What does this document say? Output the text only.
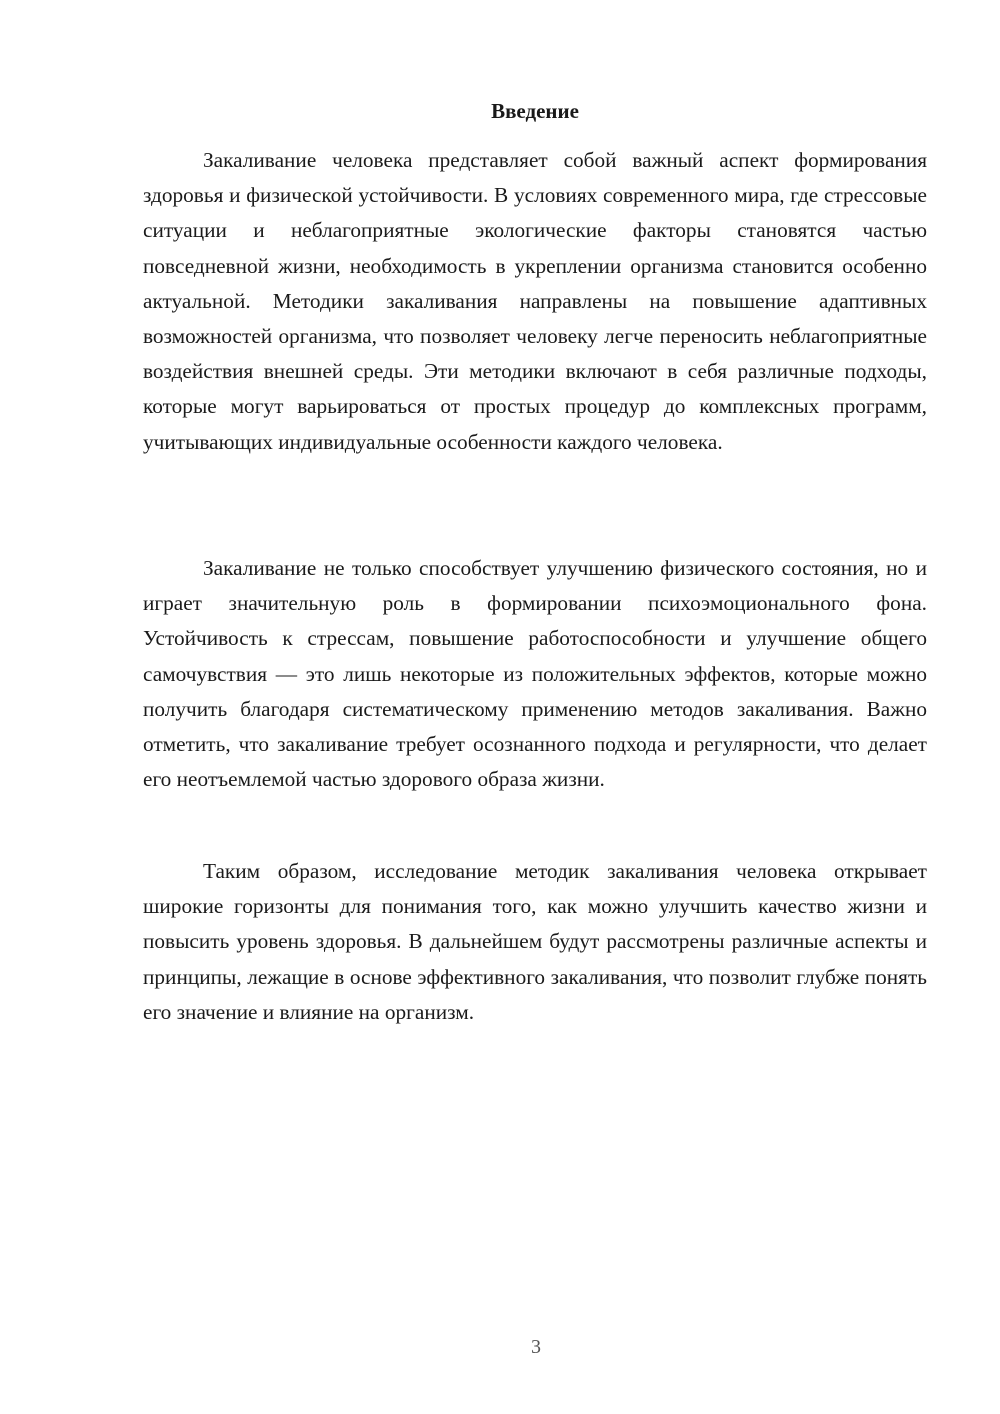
Введение

Закаливание человека представляет собой важный аспект формирования здоровья и физической устойчивости. В условиях современного мира, где стрессовые ситуации и неблагоприятные экологические факторы становятся частью повседневной жизни, необходимость в укреплении организма становится особенно актуальной. Методики закаливания направлены на повышение адаптивных возможностей организма, что позволяет человеку легче переносить неблагоприятные воздействия внешней среды. Эти методики включают в себя различные подходы, которые могут варьироваться от простых процедур до комплексных программ, учитывающих индивидуальные особенности каждого человека.

Закаливание не только способствует улучшению физического состояния, но и играет значительную роль в формировании психоэмоционального фона. Устойчивость к стрессам, повышение работоспособности и улучшение общего самочувствия — это лишь некоторые из положительных эффектов, которые можно получить благодаря систематическому применению методов закаливания. Важно отметить, что закаливание требует осознанного подхода и регулярности, что делает его неотъемлемой частью здорового образа жизни.

Таким образом, исследование методик закаливания человека открывает широкие горизонты для понимания того, как можно улучшить качество жизни и повысить уровень здоровья. В дальнейшем будут рассмотрены различные аспекты и принципы, лежащие в основе эффективного закаливания, что позволит глубже понять его значение и влияние на организм.

3
